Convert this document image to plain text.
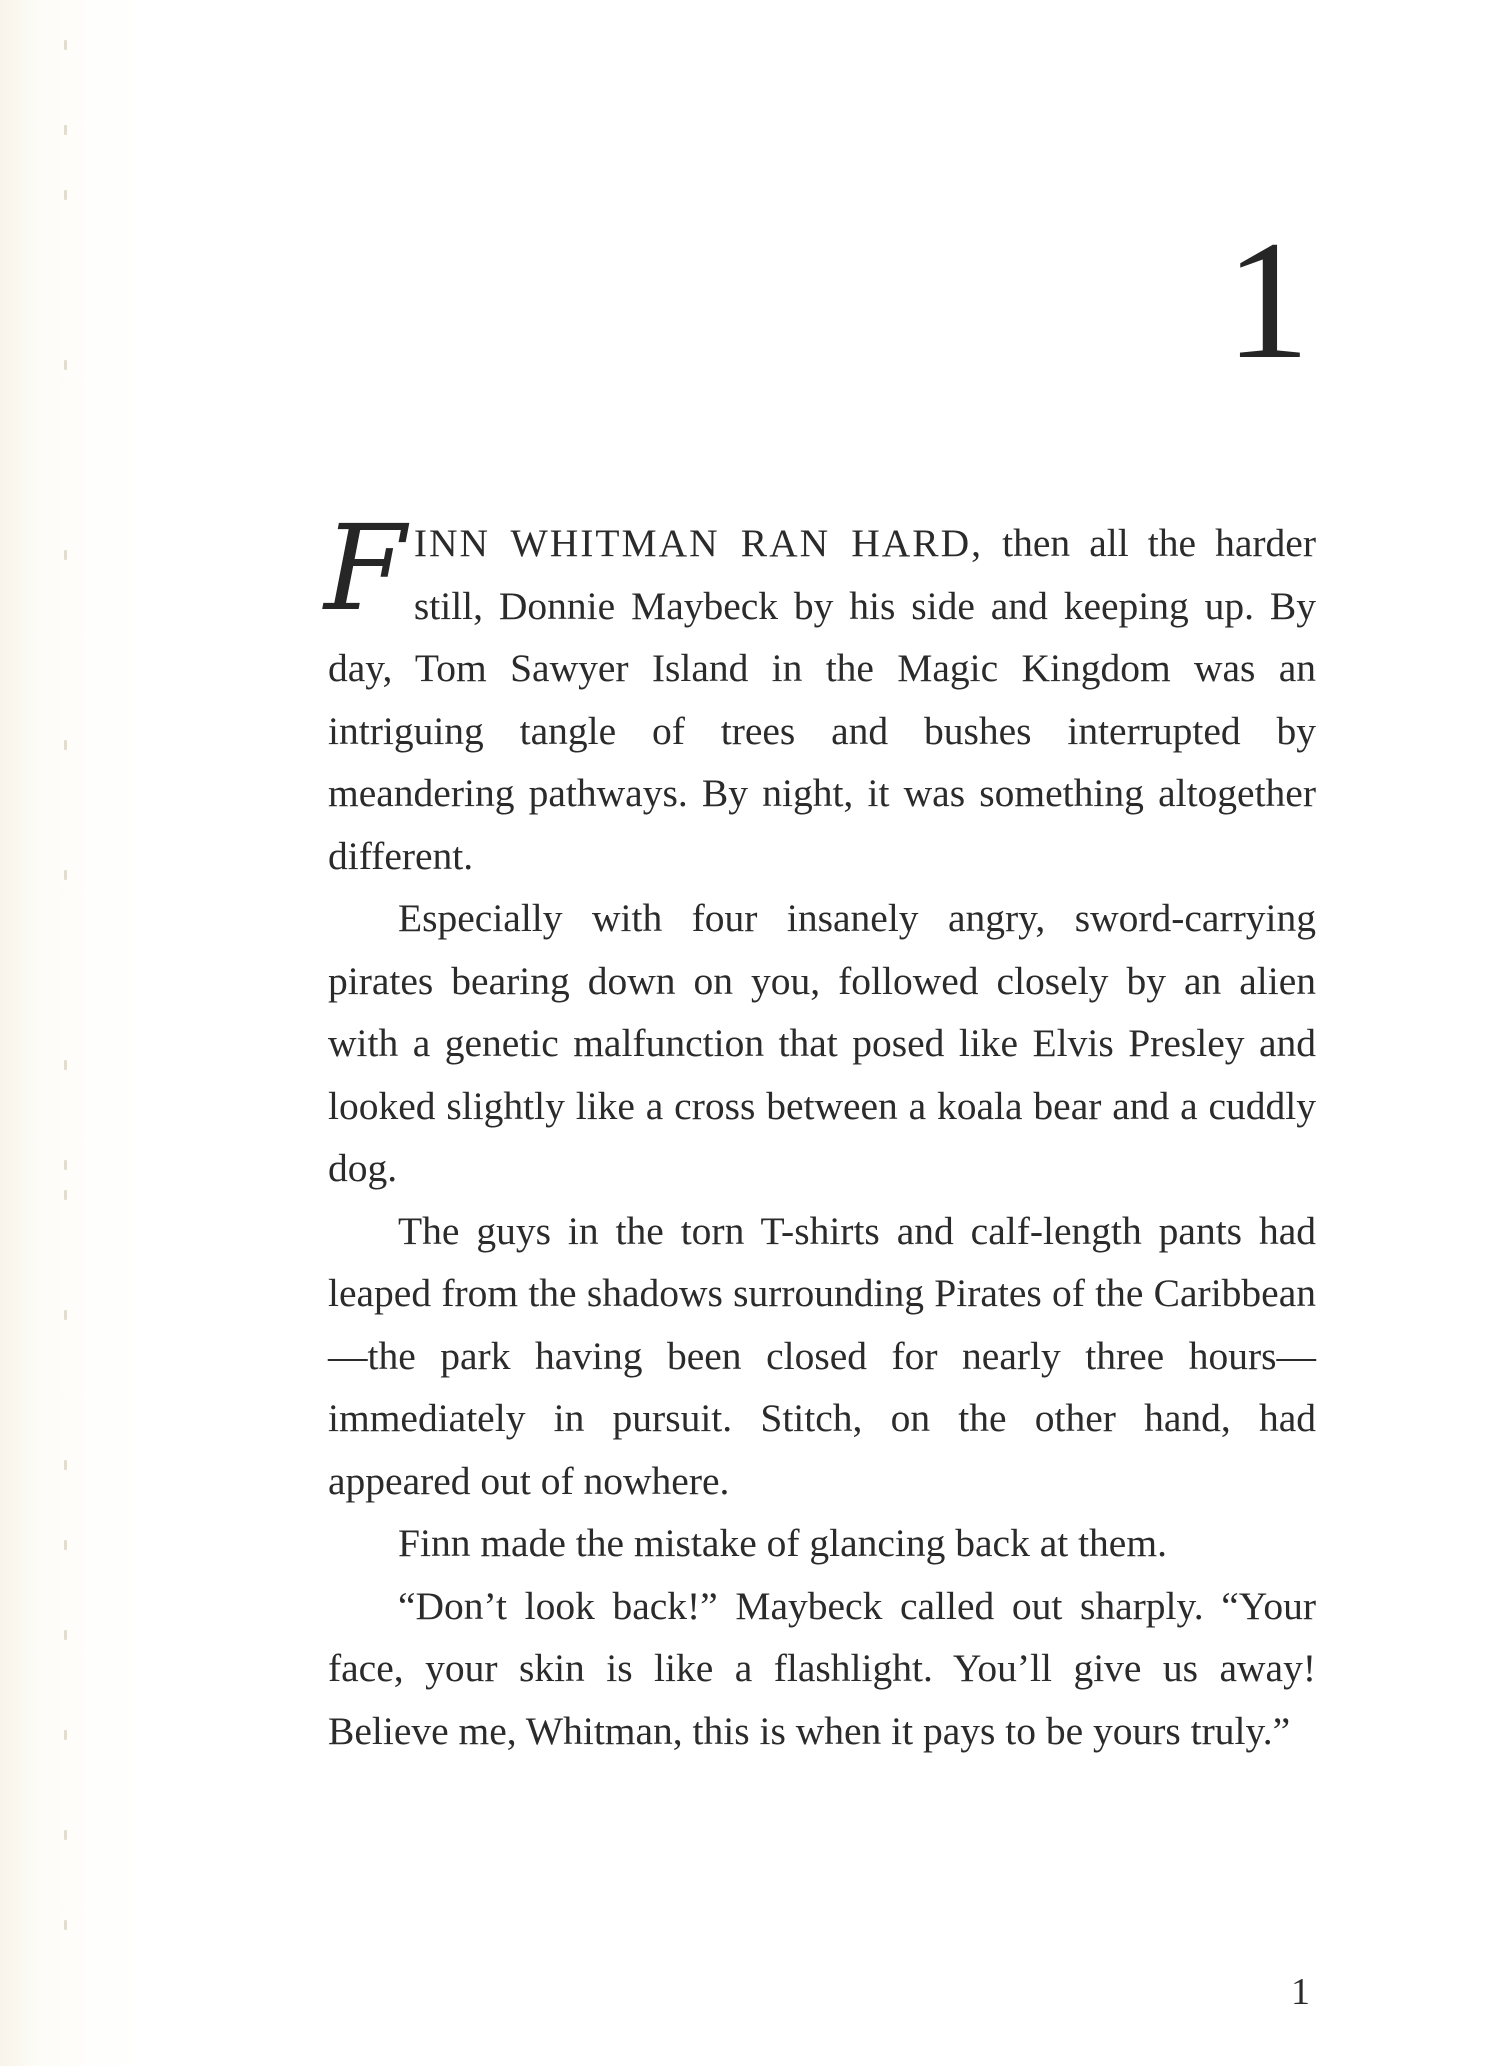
1

FINN WHITMAN RAN HARD, then all the harder still, Donnie Maybeck by his side and keeping up. By day, Tom Sawyer Island in the Magic Kingdom was an intriguing tangle of trees and bushes interrupted by meandering pathways. By night, it was something altogether different.

Especially with four insanely angry, sword-carrying pirates bearing down on you, followed closely by an alien with a genetic malfunction that posed like Elvis Presley and looked slightly like a cross between a koala bear and a cuddly dog.

The guys in the torn T-shirts and calf-length pants had leaped from the shadows surrounding Pirates of the Caribbean—the park having been closed for nearly three hours—immediately in pursuit. Stitch, on the other hand, had appeared out of nowhere.

Finn made the mistake of glancing back at them.

“Don’t look back!” Maybeck called out sharply. “Your face, your skin is like a flashlight. You’ll give us away! Believe me, Whitman, this is when it pays to be yours truly.”

1
